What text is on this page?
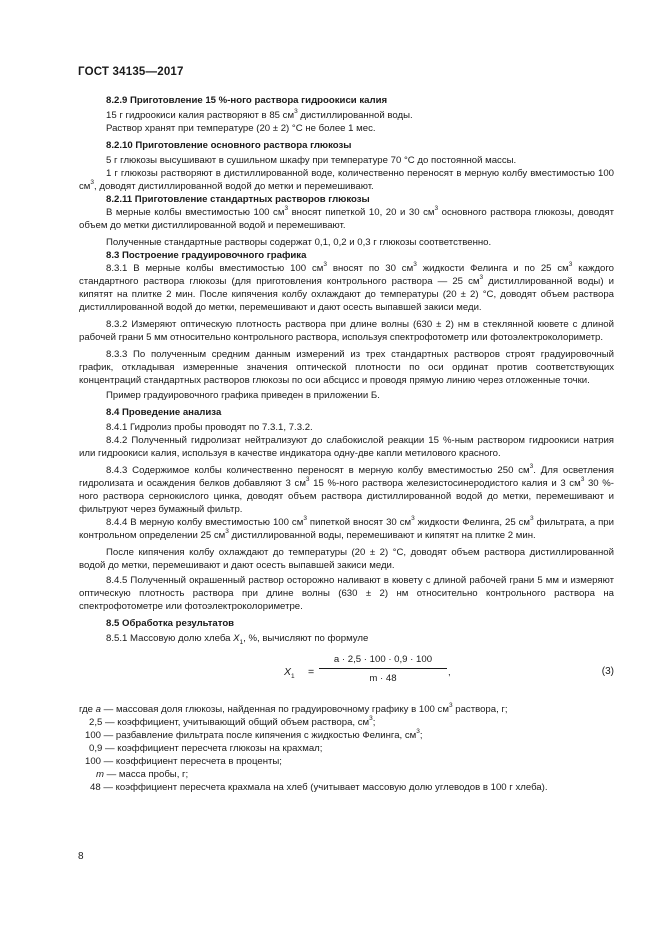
ГОСТ 34135—2017

8.2.9 Приготовление 15 %-ного раствора гидроокиси калия

15 г гидроокиси калия растворяют в 85 $см^3$ дистиллированной воды.

Раствор хранят при температуре (20 ± 2) °С не более 1 мес.

8.2.10 Приготовление основного раствора глюкозы

5 г глюкозы высушивают в сушильном шкафу при температуре 70 °С до постоянной массы.

1 г глюкозы растворяют в дистиллированной воде, количественно переносят в мерную колбу вместимостью 100 $см^3$, доводят дистиллированной водой до метки и перемешивают.

8.2.11 Приготовление стандартных растворов глюкозы

В мерные колбы вместимостью 100 $см^3$ вносят пипеткой 10, 20 и 30 $см^3$ основного раствора глюкозы, доводят объем до метки дистиллированной водой и перемешивают.

Полученные стандартные растворы содержат 0,1, 0,2 и 0,3 г глюкозы соответственно.

8.3 Построение градуировочного графика

8.3.1 В мерные колбы вместимостью 100 $см^3$ вносят по 30 $см^3$ жидкости Фелинга и по 25 $см^3$ каждого стандартного раствора глюкозы (для приготовления контрольного раствора — 25 $см^3$ дистиллированной воды) и кипятят на плитке 2 мин. После кипячения колбу охлаждают до температуры (20 ± 2) °С, доводят объем раствора дистиллированной водой до метки, перемешивают и дают осесть выпавшей закиси меди.

8.3.2 Измеряют оптическую плотность раствора при длине волны (630 ± 2) нм в стеклянной кювете с длиной рабочей грани 5 мм относительно контрольного раствора, используя спектрофотометр или фотоэлектроколориметр.

8.3.3 По полученным средним данным измерений из трех стандартных растворов строят градуировочный график, откладывая измеренные значения оптической плотности по оси ординат против соответствующих концентраций стандартных растворов глюкозы по оси абсцисс и проводя прямую линию через отложенные точки.

Пример градуировочного графика приведен в приложении Б.

8.4 Проведение анализа

8.4.1 Гидролиз пробы проводят по 7.3.1, 7.3.2.

8.4.2 Полученный гидролизат нейтрализуют до слабокислой реакции 15 %-ным раствором гидроокиси натрия или гидроокиси калия, используя в качестве индикатора одну-две капли метилового красного.

8.4.3 Содержимое колбы количественно переносят в мерную колбу вместимостью 250 $см^3$. Для осветления гидролизата и осаждения белков добавляют 3 $см^3$ 15 %-ного раствора железистосинеродистого калия и 3 $см^3$ 30 %-ного раствора сернокислого цинка, доводят объем раствора дистиллированной водой до метки, перемешивают и фильтруют через бумажный фильтр.

8.4.4 В мерную колбу вместимостью 100 $см^3$ пипеткой вносят 30 $см^3$ жидкости Фелинга, 25 $см^3$ фильтрата, а при контрольном определении 25 $см^3$ дистиллированной воды, перемешивают и кипятят на плитке 2 мин.

После кипячения колбу охлаждают до температуры (20 ± 2) °С, доводят объем раствора дистиллированной водой до метки, перемешивают и дают осесть выпавшей закиси меди.

8.4.5 Полученный окрашенный раствор осторожно наливают в кювету с длиной рабочей грани 5 мм и измеряют оптическую плотность раствора при длине волны (630 ± 2) нм относительно контрольного раствора на спектрофотометре или фотоэлектроколориметре.

8.5 Обработка результатов

8.5.1 Массовую долю хлеба $X_1$, %, вычисляют по формуле

$X_1 = \frac{a \cdot 2,5 \cdot 100 \cdot 0,9 \cdot 100}{m \cdot 48}$ ,	(3)
где a — массовая доля глюкозы, найденная по градуировочному графику в 100 $см^3$ раствора, г;
2,5 — коэффициент, учитывающий общий объем раствора, $см^3$;
100 — разбавление фильтрата после кипячения с жидкостью Фелинга, $см^3$;
0,9 — коэффициент пересчета глюкозы на крахмал;
100 — коэффициент пересчета в проценты;
m — масса пробы, г;
48 — коэффициент пересчета крахмала на хлеб (учитывает массовую долю углеводов в 100 г хлеба).
8
